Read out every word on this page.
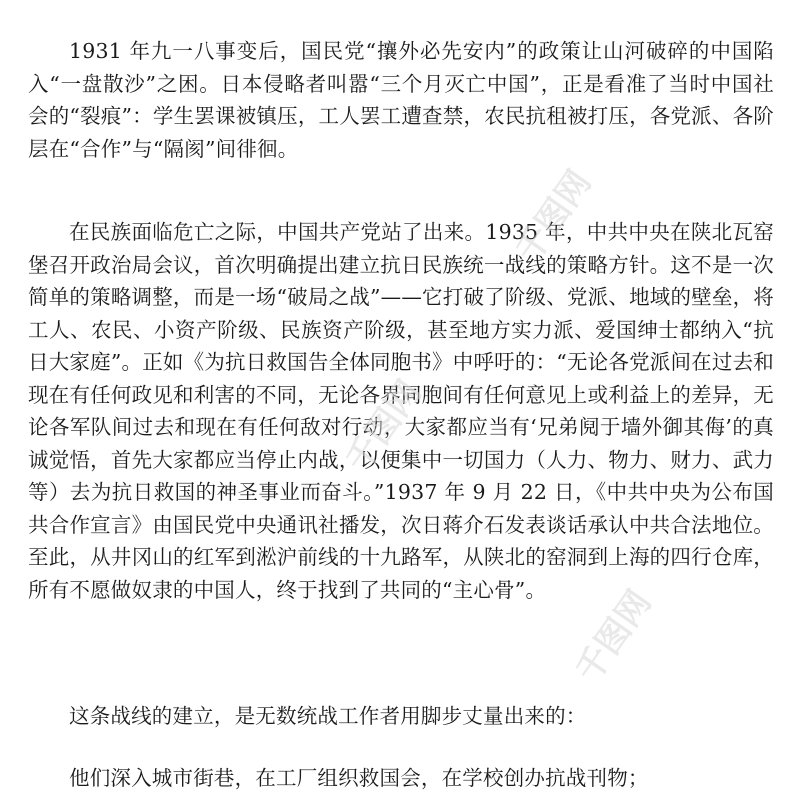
1931 年九一八事变后，国民党“攘外必先安内”的政策让山河破碎的中国陷入“一盘散沙”之困。日本侵略者叫嚣“三个月灭亡中国”，正是看准了当时中国社会的“裂痕”：学生罢课被镇压，工人罢工遭查禁，农民抗租被打压，各党派、各阶层在“合作”与“隔阂”间徘徊。

在民族面临危亡之际，中国共产党站了出来。1935 年，中共中央在陕北瓦窑堡召开政治局会议，首次明确提出建立抗日民族统一战线的策略方针。这不是一次简单的策略调整，而是一场“破局之战”——它打破了阶级、党派、地域的壁垒，将工人、农民、小资产阶级、民族资产阶级，甚至地方实力派、爱国绅士都纳入“抗日大家庭”。正如《为抗日救国告全体同胞书》中呼吁的：“无论各党派间在过去和现在有任何政见和利害的不同，无论各界同胞间有任何意见上或利益上的差异，无论各军队间过去和现在有任何敌对行动，大家都应当有‘兄弟阋于墙外御其侮’的真诚觉悟，首先大家都应当停止内战，以便集中一切国力（人力、物力、财力、武力等）去为抗日救国的神圣事业而奋斗。”1937 年 9 月 22 日，《中共中央为公布国共合作宣言》由国民党中央通讯社播发，次日蒋介石发表谈话承认中共合法地位。至此，从井冈山的红军到淞沪前线的十九路军，从陕北的窑洞到上海的四行仓库，所有不愿做奴隶的中国人，终于找到了共同的“主心骨”。

这条战线的建立，是无数统战工作者用脚步丈量出来的：

他们深入城市街巷，在工厂组织救国会，在学校创办抗战刊物；

千图网
千图网
千图网
